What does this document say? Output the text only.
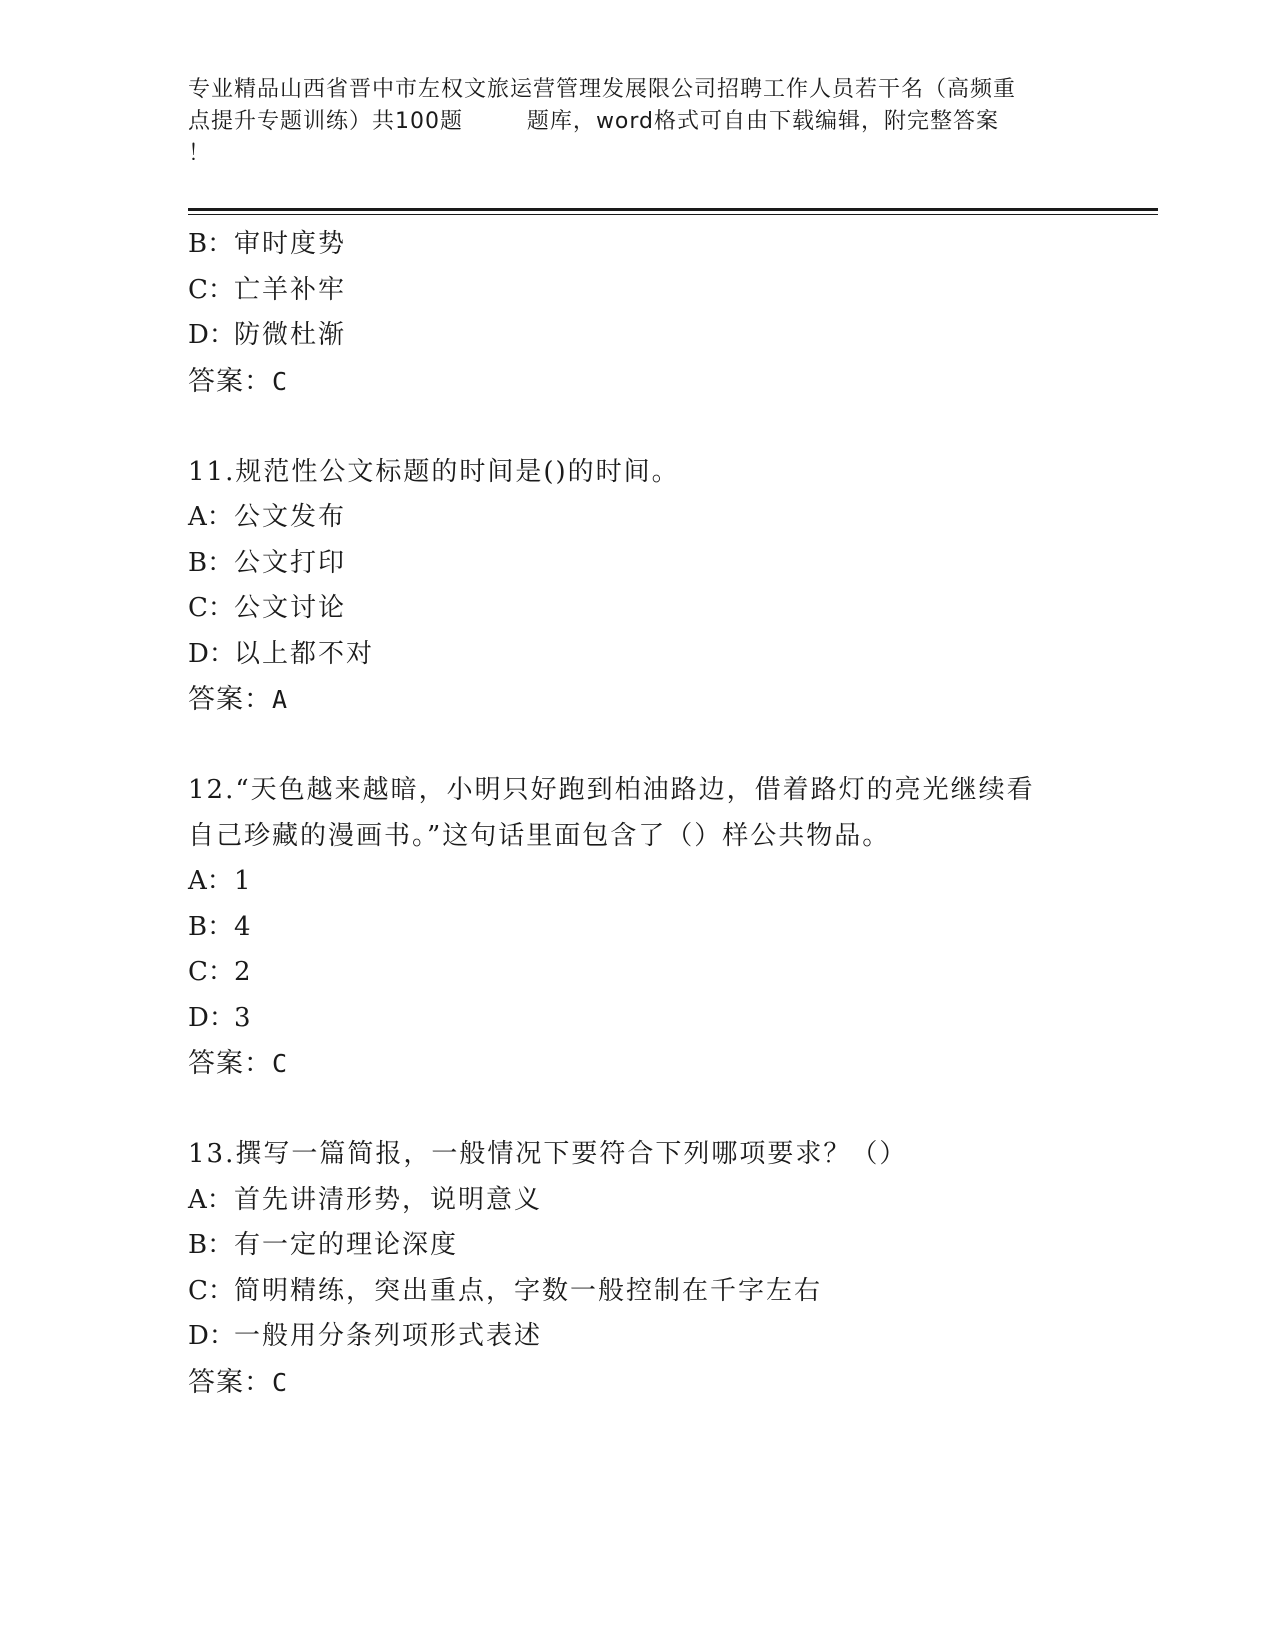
专业精品山西省晋中市左权文旅运营管理发展限公司招聘工作人员若干名（高频重
点提升专题训练）共100题        题库，word格式可自由下载编辑，附完整答案
！
B：审时度势
C：亡羊补牢
D：防微杜渐
答案：C
11.规范性公文标题的时间是()的时间。
A：公文发布
B：公文打印
C：公文讨论
D：以上都不对
答案：A
12.“天色越来越暗，小明只好跑到柏油路边，借着路灯的亮光继续看
自己珍藏的漫画书。”这句话里面包含了（）样公共物品。
A：1
B：4
C：2
D：3
答案：C
13.撰写一篇简报，一般情况下要符合下列哪项要求？（）
A：首先讲清形势，说明意义
B：有一定的理论深度
C：简明精练，突出重点，字数一般控制在千字左右
D：一般用分条列项形式表述
答案：C
